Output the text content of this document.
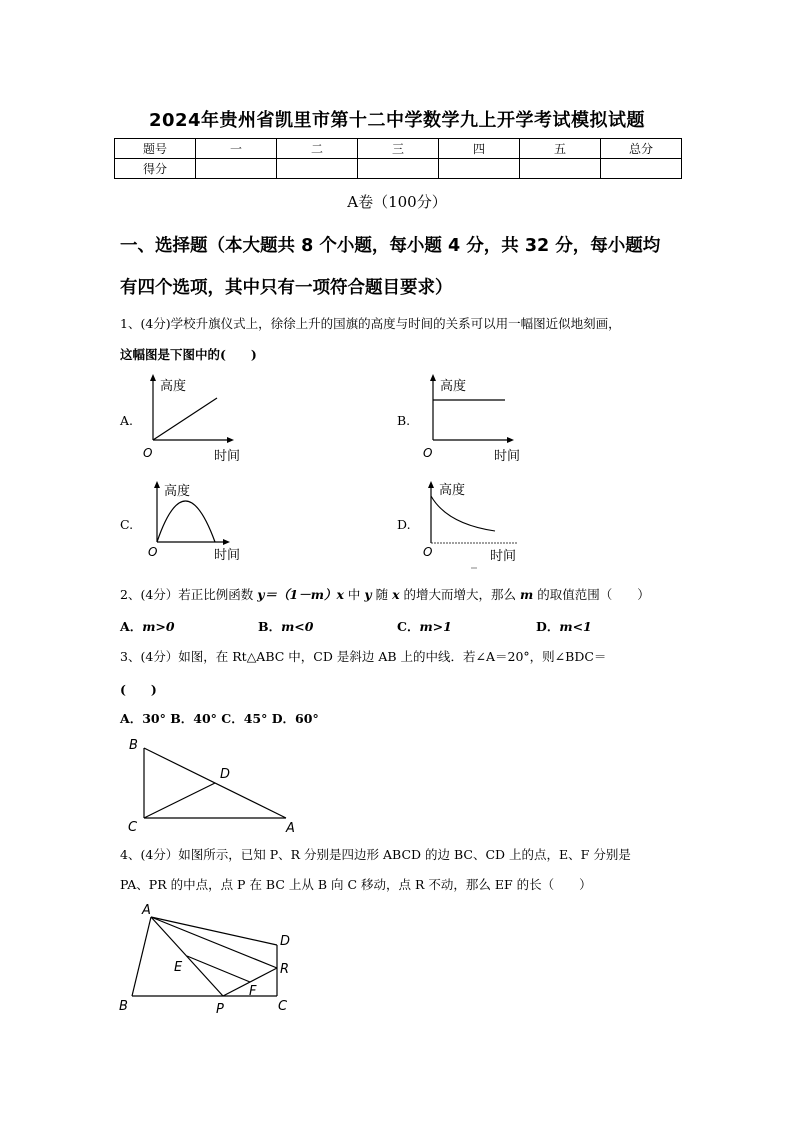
2024年贵州省凯里市第十二中学数学九上开学考试模拟试题
题号	一	二	三	四	五	总分
得分						
A卷（100分）
一、选择题（本大题共 8 个小题，每小题 4 分，共 32 分，每小题均
有四个选项，其中只有一项符合题目要求）
1、(4分)学校升旗仪式上，徐徐上升的国旗的高度与时间的关系可以用一幅图近似地刻画，
这幅图是下图中的(　　)
A.	B.
C.	D.
高度
O	时间
高度
O	时间
高度
O	时间
高度
O	时间
2、(4分）若正比例函数 y＝（1－m）x 中 y 随 x 的增大而增大，那么 m 的取值范围（　　）
A．m>0	B．m<0	C．m>1	D．m<1
3、(4分）如图，在 Rt△ABC 中，CD 是斜边 AB 上的中线．若∠A＝20°，则∠BDC＝
(　　)
A．30° B．40° C．45° D．60°
B
D
C	A
4、(4分）如图所示，已知 P、R 分别是四边形 ABCD 的边 BC、CD 上的点，E、F 分别是
PA、PR 的中点，点 P 在 BC 上从 B 向 C 移动，点 R 不动，那么 EF 的长（　　）
A
D
R
E
F
B	P	C
